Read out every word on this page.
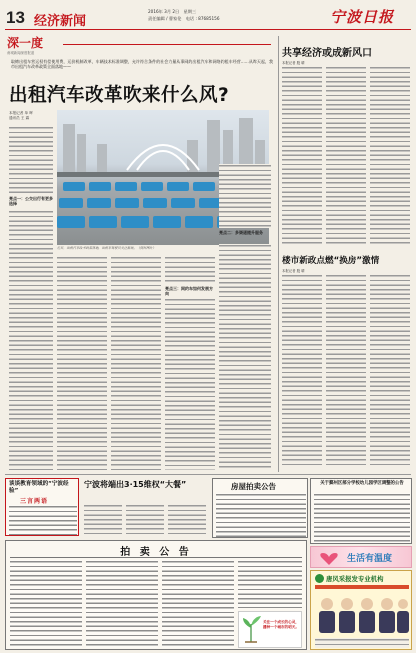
13 经济新闻
2016年 3月 2日 星期三
责任编辑 / 曹家伦 电话 : 87685156	宁波日报
深一度
甬城新闻深度报道
取缔出租车营运权有偿使用费，运价机制改革，车辆技术标准调整，允许符合条件的社会力量从事网约出租汽车和网络约租车经营……从昨天起，我市出租汽车改革政策全面落地——
出租汽车改革吹来什么风?
本报记者 单 晖
通讯员 王 霖
近日，出租汽车改革政策落地，出租车驾驶员关注新规。（资料图片）
亮点一：公交出行有更多选择
亮点三：网约车如何发展方向
亮点二：多渠道提升服务
共享经济或成新风口
本报记者 殷 晴
楼市新政点燃“换房”激情
本报记者 殷 晴
谈谈教育领域的“宁波经验”
三言两语
宁波将端出3·15维权“大餐”	房屋拍卖公告	关于鄞州区部分学校幼儿园学区调整的公告
拍 卖 公 告
关注一个成长的心灵，播种一个城市的明天。
生活有温度
唐风采报发专业机构
